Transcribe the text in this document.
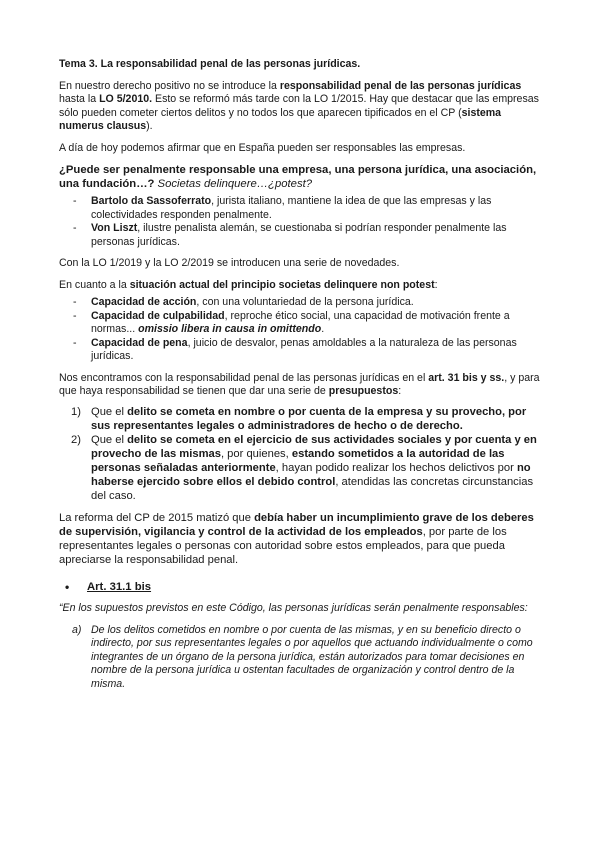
Tema 3. La responsabilidad penal de las personas jurídicas.

En nuestro derecho positivo no se introduce la responsabilidad penal de las personas jurídicas hasta la LO 5/2010. Esto se reformó más tarde con la LO 1/2015. Hay que destacar que las empresas sólo pueden cometer ciertos delitos y no todos los que aparecen tipificados en el CP (sistema numerus clausus).

A día de hoy podemos afirmar que en España pueden ser responsables las empresas.

¿Puede ser penalmente responsable una empresa, una persona jurídica, una asociación, una fundación…? Societas delinquere…¿potest?

- Bartolo da Sassoferrato, jurista italiano, mantiene la idea de que las empresas y las colectividades responden penalmente.
- Von Liszt, ilustre penalista alemán, se cuestionaba si podrían responder penalmente las personas jurídicas.

Con la LO 1/2019 y la LO 2/2019 se introducen una serie de novedades.

En cuanto a la situación actual del principio societas delinquere non potest:

- Capacidad de acción, con una voluntariedad de la persona jurídica.
- Capacidad de culpabilidad, reproche ético social, una capacidad de motivación frente a normas... omissio libera in causa in omittendo.
- Capacidad de pena, juicio de desvalor, penas amoldables a la naturaleza de las personas jurídicas.

Nos encontramos con la responsabilidad penal de las personas jurídicas en el art. 31 bis y ss., y para que haya responsabilidad se tienen que dar una serie de presupuestos:

1) Que el delito se cometa en nombre o por cuenta de la empresa y su provecho, por sus representantes legales o administradores de hecho o de derecho.
2) Que el delito se cometa en el ejercicio de sus actividades sociales y por cuenta y en provecho de las mismas, por quienes, estando sometidos a la autoridad de las personas señaladas anteriormente, hayan podido realizar los hechos delictivos por no haberse ejercido sobre ellos el debido control, atendidas las concretas circunstancias del caso.

La reforma del CP de 2015 matizó que debía haber un incumplimiento grave de los deberes de supervisión, vigilancia y control de la actividad de los empleados, por parte de los representantes legales o personas con autoridad sobre estos empleados, para que pueda apreciarse la responsabilidad penal.

• Art. 31.1 bis

“En los supuestos previstos en este Código, las personas jurídicas serán penalmente responsables:

a) De los delitos cometidos en nombre o por cuenta de las mismas, y en su beneficio directo o indirecto, por sus representantes legales o por aquellos que actuando individualmente o como integrantes de un órgano de la persona jurídica, están autorizados para tomar decisiones en nombre de la persona jurídica u ostentan facultades de organización y control dentro de la misma.
